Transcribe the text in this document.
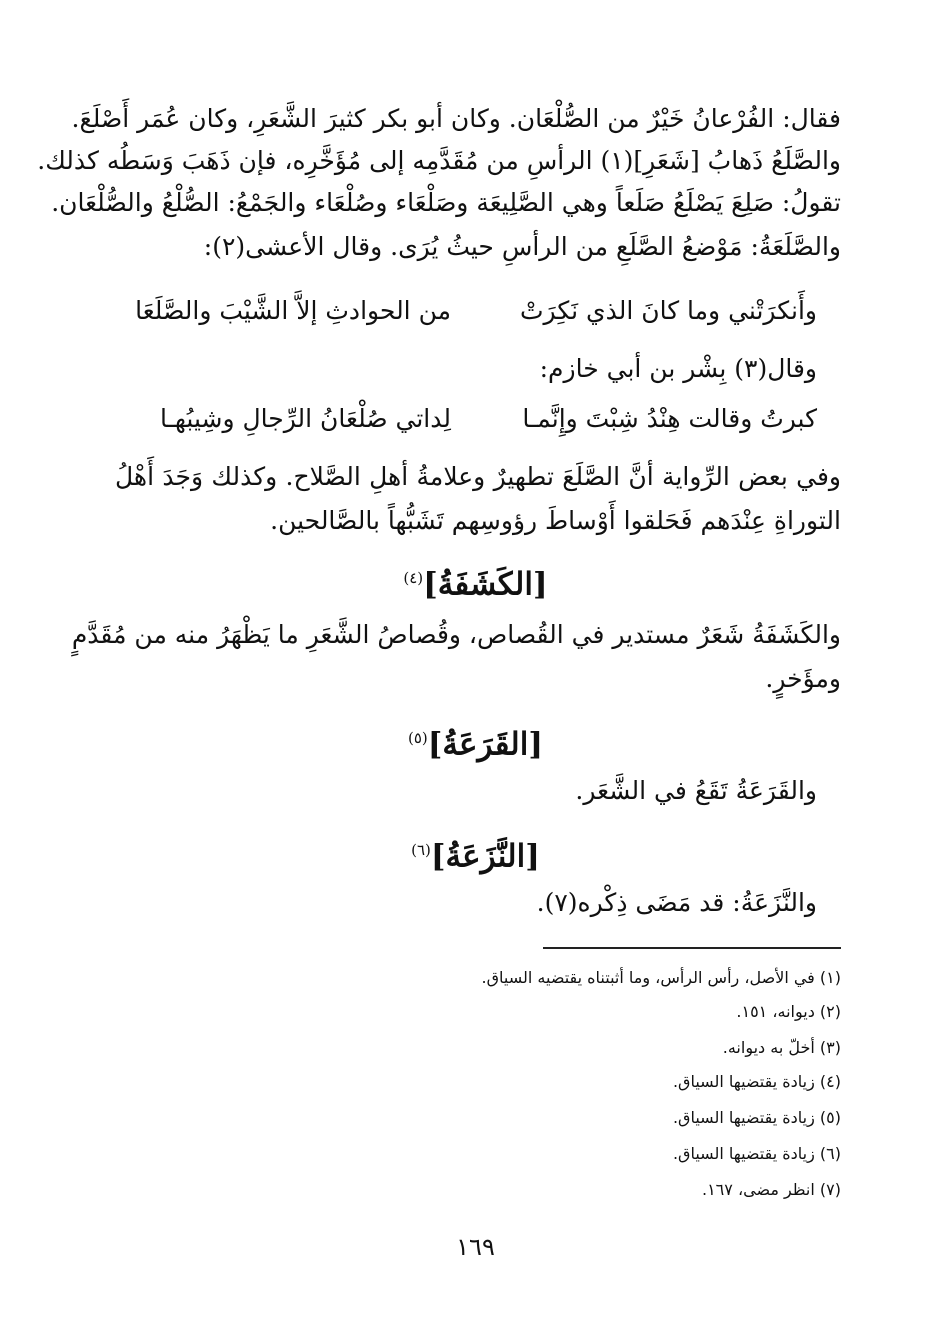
فقال: الفُرْعانُ خَيْرٌ من الصُّلْعَان. وكان أبو بكر كثيرَ الشَّعَرِ، وكان عُمَر أَصْلَعَ.
والصَّلَعُ ذَهابُ [شَعَرِ](١) الرأسِ من مُقَدَّمِه إلى مُؤَخَّرِه، فإن ذَهَبَ وَسَطُه كذلك.
تقولُ: صَلِعَ يَصْلَعُ صَلَعاً وهي الصَّلِيعَة وصَلْعَاء وصُلْعَاء والجَمْعُ: الصُّلْعُ والصُّلْعَان.
والصَّلَعَةُ: مَوْضعُ الصَّلَعِ من الرأسِ حيثُ يُرَى. وقال الأعشى(٢):
وأَنكرَتْني وما كانَ الذي نَكِرَتْ
من الحوادثِ إلاَّ الشَّيْبَ والصَّلَعَا
وقال(٣) بِشْر بن أبي خازم:
كبرتُ وقالت هِنْدُ شِبْتَ وإِنَّمـا
لِداتي صُلْعَانُ الرِّجالِ وشِيبُهـا
وفي بعض الرِّواية أنَّ الصَّلَعَ تطهيرٌ وعلامةُ أهلِ الصَّلاح. وكذلك وَجَدَ أَهْلُ
التوراةِ عِنْدَهم فَحَلقوا أَوْساطَ رؤوسِهم تَشَبُّهاً بالصَّالحين.
[الكَشَفَةُ]$^{(٤)}$
والكَشَفَةُ شَعَرٌ مستدير في القُصاص، وقُصاصُ الشَّعَرِ ما يَظْهَرُ منه من مُقَدَّمٍ
ومؤَخرٍ.
[القَرَعَةُ]$^{(٥)}$
والقَرَعَةُ تَقَعُ في الشَّعَر.
[النَّزَعَةُ]$^{(٦)}$
والنَّزَعَةُ: قد مَضَى ذِكْره(٧).
(١) في الأصل، رأس الرأس، وما أثبتناه يقتضيه السياق.
(٢) ديوانه، ١٥١.
(٣) أخلّ به ديوانه.
(٤) زيادة يقتضيها السياق.
(٥) زيادة يقتضيها السياق.
(٦) زيادة يقتضيها السياق.
(٧) انظر مضى، ١٦٧.
١٦٩
